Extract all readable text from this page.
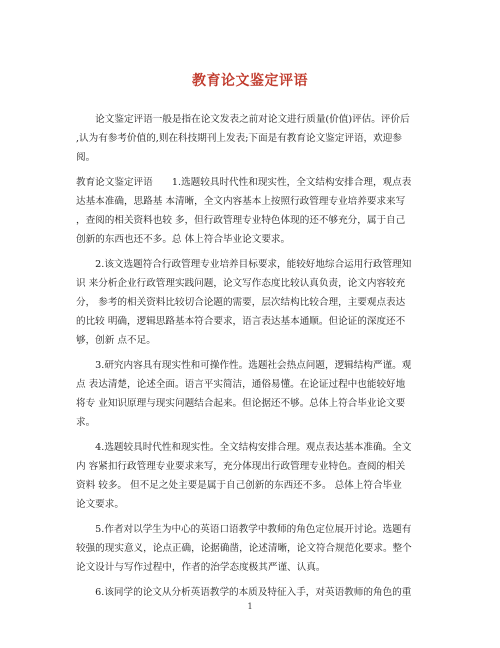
教育论文鉴定评语
　　论文鉴定评语一般是指在论文发表之前对论文进行质量(价值)评估。评价后
,认为有参考价值的,则在科技期刊上发表;下面是有教育论文鉴定评语，欢迎参
阅。
教育论文鉴定评语　　1.选题较具时代性和现实性，全文结构安排合理，观点表
达基本准确，思路基 本清晰，全文内容基本上按照行政管理专业培养要求来写
，查阅的相关资料也较 多，但行政管理专业特色体现的还不够充分，属于自己
创新的东西也还不多。总 体上符合毕业论文要求。
　　2.该文选题符合行政管理专业培养目标要求，能较好地综合运用行政管理知
识 来分析企业行政管理实践问题，论文写作态度比较认真负责，论文内容较充
分， 参考的相关资料比较切合论题的需要，层次结构比较合理，主要观点表达
的比较 明确，逻辑思路基本符合要求，语言表达基本通顺。但论证的深度还不
够，创新 点不足。
　　3.研究内容具有现实性和可操作性。选题社会热点问题，逻辑结构严谨。观
点 表达清楚，论述全面。语言平实简洁，通俗易懂。在论证过程中也能较好地
将专 业知识原理与现实问题结合起来。但论据还不够。总体上符合毕业论文要
求。
　　4.选题较具时代性和现实性。全文结构安排合理。观点表达基本准确。全文
内 容紧扣行政管理专业要求来写，充分体现出行政管理专业特色。查阅的相关
资料 较多。 但不足之处主要是属于自己创新的东西还不多。 总体上符合毕业
论文要求。
　　5.作者对以学生为中心的英语口语教学中教师的角色定位展开讨论。选题有
较强的现实意义，论点正确，论据确凿，论述清晰，论文符合规范化要求。整个
论文设计与写作过程中，作者的治学态度极其严谨、认真。
　　6.该同学的论文从分析英语教学的本质及特征入手，对英语教师的角色的重
1
